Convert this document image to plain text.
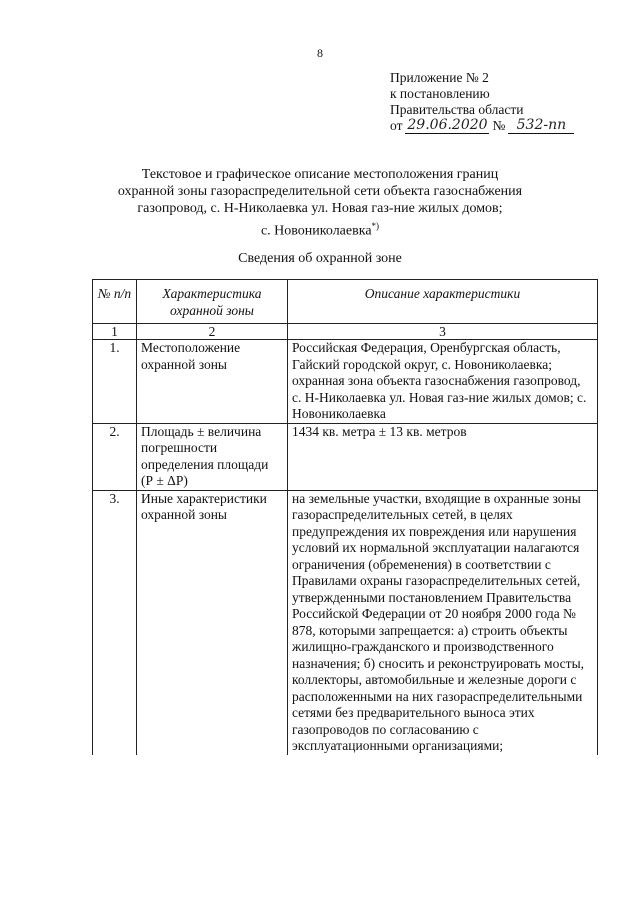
8
Приложение № 2
к постановлению
Правительства области
от 29.06.2020 № 532-пп
Текстовое и графическое описание местоположения границ
охранной зоны газораспределительной сети объекта газоснабжения
газопровод, с. Н-Николаевка ул. Новая газ-ние жилых домов;
с. Новониколаевка*)
Сведения об охранной зоне
№ п/п	Характеристика охранной зоны	Описание характеристики
1	2	3
1.	Местоположение охранной зоны	Российская Федерация, Оренбургская область, Гайский городской округ, с. Новониколаевка; охранная зона объекта газоснабжения газопровод, с. Н-Николаевка ул. Новая газ-ние жилых домов; с. Новониколаевка
2.	Площадь ± величина погрешности определения площади (Р ± ΔР)	1434 кв. метра ± 13 кв. метров
3.	Иные характеристики охранной зоны	на земельные участки, входящие в охранные зоны газораспределительных сетей, в целях предупреждения их повреждения или нарушения условий их нормальной эксплуатации налагаются ограничения (обременения) в соответствии с Правилами охраны газораспределительных сетей, утвержденными постановлением Правительства Российской Федерации от 20 ноября 2000 года № 878, которыми запрещается: а) строить объекты жилищно-гражданского и производственного назначения; б) сносить и реконструировать мосты, коллекторы, автомобильные и железные дороги с расположенными на них газораспределительными сетями без предварительного выноса этих газопроводов по согласованию с эксплуатационными организациями;
